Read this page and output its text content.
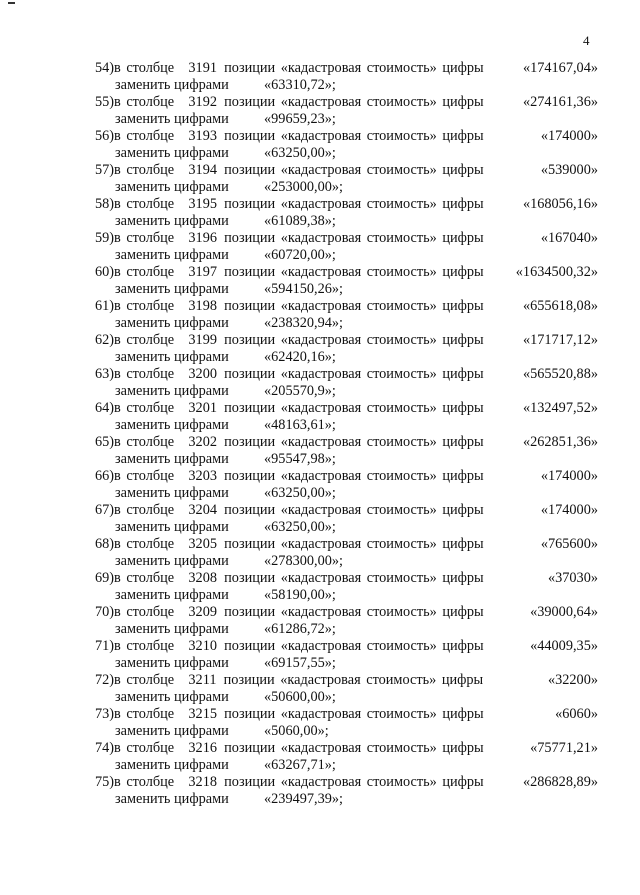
4
54)в столбце  3191  позиции «кадастровая стоимость» цифры	«174167,04»
заменить цифрами «63310,72»;
55)в столбце  3192  позиции «кадастровая стоимость» цифры	«274161,36»
заменить цифрами «99659,23»;
56)в столбце  3193  позиции «кадастровая стоимость» цифры	«174000»
заменить цифрами «63250,00»;
57)в столбце  3194  позиции «кадастровая стоимость» цифры	«539000»
заменить цифрами «253000,00»;
58)в столбце  3195  позиции «кадастровая стоимость» цифры	«168056,16»
заменить цифрами «61089,38»;
59)в столбце  3196  позиции «кадастровая стоимость» цифры	«167040»
заменить цифрами «60720,00»;
60)в столбце  3197  позиции «кадастровая стоимость» цифры «1634500,32»
заменить цифрами «594150,26»;
61)в столбце  3198  позиции «кадастровая стоимость» цифры	«655618,08»
заменить цифрами «238320,94»;
62)в столбце  3199  позиции «кадастровая стоимость» цифры	«171717,12»
заменить цифрами «62420,16»;
63)в столбце  3200  позиции «кадастровая стоимость» цифры	«565520,88»
заменить цифрами «205570,9»;
64)в столбце  3201  позиции «кадастровая стоимость» цифры	«132497,52»
заменить цифрами «48163,61»;
65)в столбце  3202  позиции «кадастровая стоимость» цифры	«262851,36»
заменить цифрами «95547,98»;
66)в столбце  3203  позиции «кадастровая стоимость» цифры	«174000»
заменить цифрами «63250,00»;
67)в столбце  3204  позиции «кадастровая стоимость» цифры	«174000»
заменить цифрами «63250,00»;
68)в столбце  3205  позиции «кадастровая стоимость» цифры	«765600»
заменить цифрами «278300,00»;
69)в столбце  3208  позиции «кадастровая стоимость» цифры	«37030»
заменить цифрами «58190,00»;
70)в столбце  3209  позиции «кадастровая стоимость» цифры	«39000,64»
заменить цифрами «61286,72»;
71)в столбце  3210  позиции «кадастровая стоимость» цифры	«44009,35»
заменить цифрами «69157,55»;
72)в столбце  3211  позиции «кадастровая стоимость» цифры	«32200»
заменить цифрами «50600,00»;
73)в столбце  3215  позиции «кадастровая стоимость» цифры	«6060»
заменить цифрами «5060,00»;
74)в столбце  3216  позиции «кадастровая стоимость» цифры	«75771,21»
заменить цифрами «63267,71»;
75)в столбце  3218  позиции «кадастровая стоимость» цифры	«286828,89»
заменить цифрами «239497,39»;
